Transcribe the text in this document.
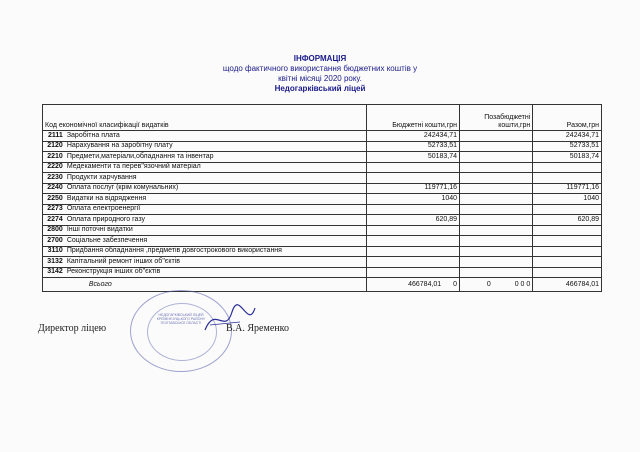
ІНФОРМАЦІЯ
щодо фактичного використання бюджетних коштів у
квітні місяці 2020 року.
Недогарківський ліцей
Код економічної класифікації видатків		Бюджетні кошти,грн	Позабюджетні кошти,грн	Разом,грн
2111	Заробітна плата	242434,71		242434,71
2120	Нарахування на заробітну плату	52733,51		52733,51
2210	Предмети,матеріали,обладнання та інвентар	50183,74		50183,74
2220	Медекаменти та перев"язочний матеріал			
2230	Продукти харчування			
2240	Оплата послуг (крім комунальних)	119771,16		119771,16
2250	Видатки на відрядження	1040		1040
2273	Оплата електроенергії			
2274	Оплата природного газу	620,89		620,89
2800	Інші поточні видатки			
2700	Соціальне забезпечення			
3110	Придбання обладнання ,предметів довгострокового використання			
3132	Капітальний ремонт інших об"єктів			
3142	Реконструкція інших об"єктів			
	Всього	466784,01 0	0 0 0 0	466784,01
НЕДОГАРКІВСЬКИЙ ЛІЦЕЙ КРЕМЕНЧУЦЬКОГО РАЙОНУ ПОЛТАВСЬКОЇ ОБЛАСТІ
Директор ліцею	В.А. Яременко
